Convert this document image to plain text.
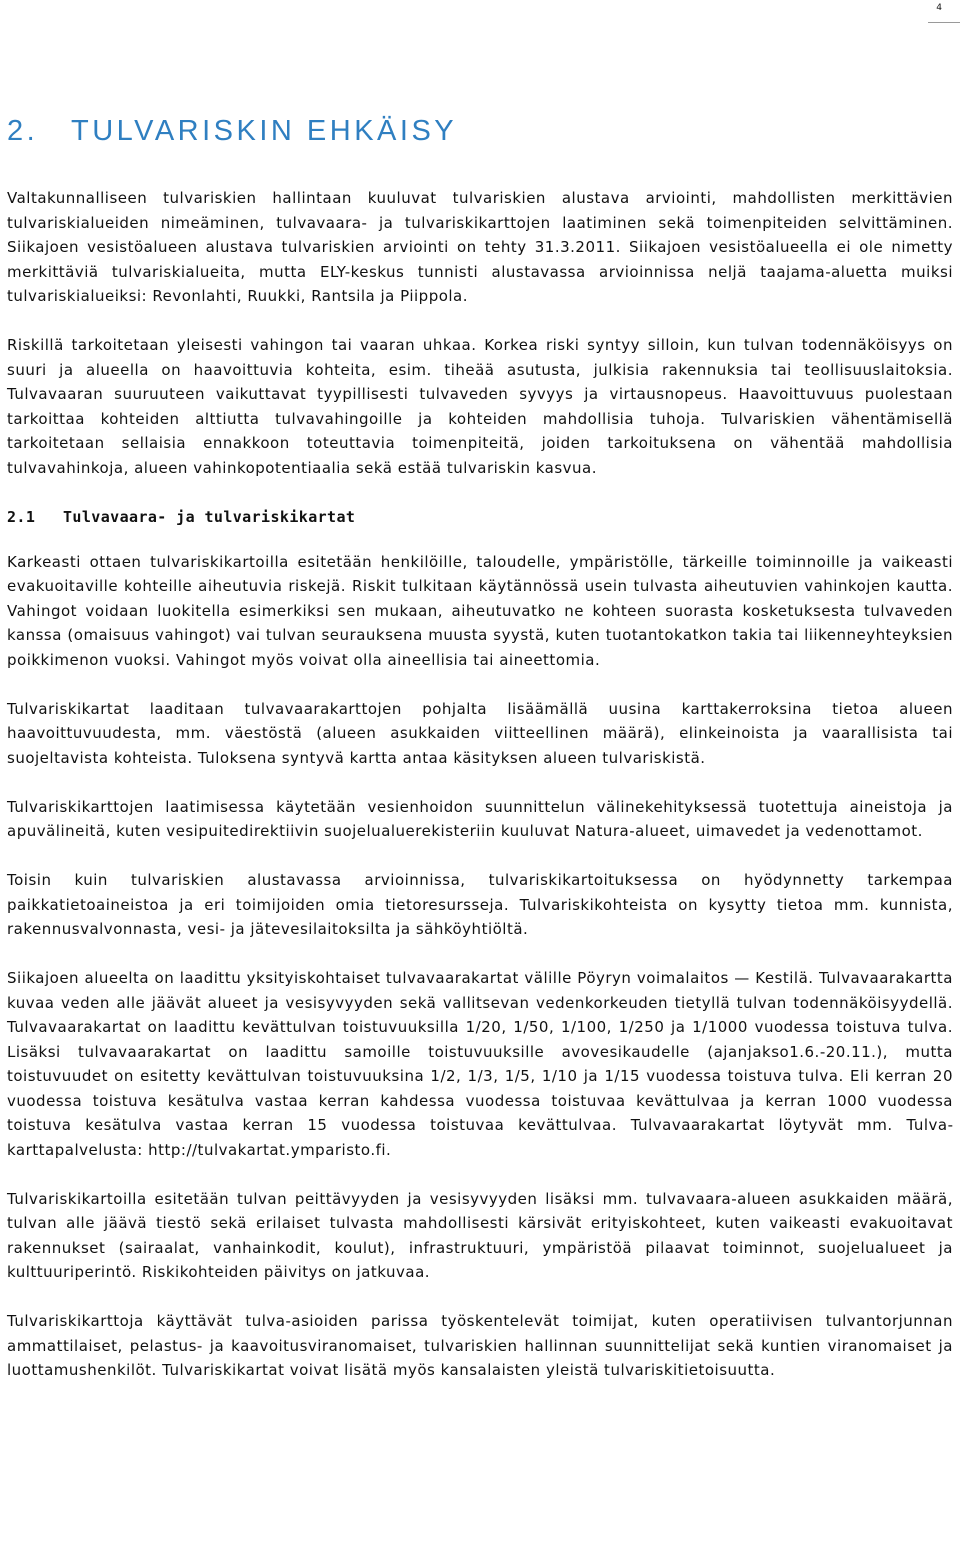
4
2. TULVARISKIN EHKÄISY

Valtakunnalliseen tulvariskien hallintaan kuuluvat tulvariskien alustava arviointi, mahdollisten merkittävien tulvariskialueiden nimeäminen, tulvavaara- ja tulvariskikarttojen laatiminen sekä toimenpiteiden selvittäminen. Siikajoen vesistöalueen alustava tulvariskien arviointi on tehty 31.3.2011. Siikajoen vesistöalueella ei ole nimetty merkittäviä tulvariskialueita, mutta ELY-keskus tunnisti alustavassa arvioinnissa neljä taajama-aluetta muiksi tulvariskialueiksi: Revonlahti, Ruukki, Rantsila ja Piippola.

Riskillä tarkoitetaan yleisesti vahingon tai vaaran uhkaa. Korkea riski syntyy silloin, kun tulvan todennäköisyys on suuri ja alueella on haavoittuvia kohteita, esim. tiheää asutusta, julkisia rakennuksia tai teollisuuslaitoksia. Tulvavaaran suuruuteen vaikuttavat tyypillisesti tulvaveden syvyys ja virtausnopeus. Haavoittuvuus puolestaan tarkoittaa kohteiden alttiutta tulvavahingoille ja kohteiden mahdollisia tuhoja. Tulvariskien vähentämisellä tarkoitetaan sellaisia ennakkoon toteuttavia toimenpiteitä, joiden tarkoituksena on vähentää mahdollisia tulvavahinkoja, alueen vahinkopotentiaalia sekä estää tulvariskin kasvua.

2.1 Tulvavaara- ja tulvariskikartat

Karkeasti ottaen tulvariskikartoilla esitetään henkilöille, taloudelle, ympäristölle, tärkeille toiminnoille ja vaikeasti evakuoitaville kohteille aiheutuvia riskejä. Riskit tulkitaan käytännössä usein tulvasta aiheutuvien vahinkojen kautta. Vahingot voidaan luokitella esimerkiksi sen mukaan, aiheutuvatko ne kohteen suorasta kosketuksesta tulvaveden kanssa (omaisuus vahingot) vai tulvan seurauksena muusta syystä, kuten tuotantokatkon takia tai liikenneyhteyksien poikkimenon vuoksi. Vahingot myös voivat olla aineellisia tai aineettomia.

Tulvariskikartat laaditaan tulvavaarakarttojen pohjalta lisäämällä uusina karttakerroksina tietoa alueen haavoittuvuudesta, mm. väestöstä (alueen asukkaiden viitteellinen määrä), elinkeinoista ja vaarallisista tai suojeltavista kohteista. Tuloksena syntyvä kartta antaa käsityksen alueen tulvariskistä.

Tulvariskikarttojen laatimisessa käytetään vesienhoidon suunnittelun välinekehityksessä tuotettuja aineistoja ja apuvälineitä, kuten vesipuitedirektiivin suojelualuerekisteriin kuuluvat Natura-alueet, uimavedet ja vedenottamot.

Toisin kuin tulvariskien alustavassa arvioinnissa, tulvariskikartoituksessa on hyödynnetty tarkempaa paikkatietoaineistoa ja eri toimijoiden omia tietoresursseja. Tulvariskikohteista on kysytty tietoa mm. kunnista, rakennusvalvonnasta, vesi- ja jätevesilaitoksilta ja sähköyhtiöltä.

Siikajoen alueelta on laadittu yksityiskohtaiset tulvavaarakartat välille Pöyryn voimalaitos — Kestilä. Tulvavaarakartta kuvaa veden alle jäävät alueet ja vesisyvyyden sekä vallitsevan vedenkorkeuden tietyllä tulvan todennäköisyydellä. Tulvavaarakartat on laadittu kevättulvan toistuvuuksilla 1/20, 1/50, 1/100, 1/250 ja 1/1000 vuodessa toistuva tulva. Lisäksi tulvavaarakartat on laadittu samoille toistuvuuksille avovesikaudelle (ajanjakso1.6.-20.11.), mutta toistuvuudet on esitetty kevättulvan toistuvuuksina 1/2, 1/3, 1/5, 1/10 ja 1/15 vuodessa toistuva tulva. Eli kerran 20 vuodessa toistuva kesätulva vastaa kerran kahdessa vuodessa toistuvaa kevättulvaa ja kerran 1000 vuodessa toistuva kesätulva vastaa kerran 15 vuodessa toistuvaa kevättulvaa. Tulvavaarakartat löytyvät mm. Tulvakarttapalvelusta: http://tulvakartat.ymparisto.fi.

Tulvariskikartoilla esitetään tulvan peittävyyden ja vesisyvyyden lisäksi mm. tulvavaara-alueen asukkaiden määrä, tulvan alle jäävä tiestö sekä erilaiset tulvasta mahdollisesti kärsivät erityiskohteet, kuten vaikeasti evakuoitavat rakennukset (sairaalat, vanhainkodit, koulut), infrastruktuuri, ympäristöä pilaavat toiminnot, suojelualueet ja kulttuuriperintö. Riskikohteiden päivitys on jatkuvaa.

Tulvariskikarttoja käyttävät tulva-asioiden parissa työskentelevät toimijat, kuten operatiivisen tulvantorjunnan ammattilaiset, pelastus- ja kaavoitusviranomaiset, tulvariskien hallinnan suunnittelijat sekä kuntien viranomaiset ja luottamushenkilöt. Tulvariskikartat voivat lisätä myös kansalaisten yleistä tulvariskitietoisuutta.
